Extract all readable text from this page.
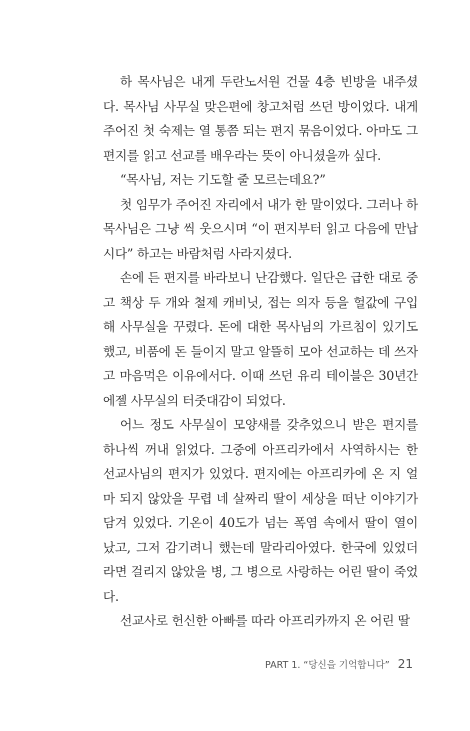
하 목사님은 내게 두란노서원 건물 4층 빈방을 내주셨다. 목사님 사무실 맞은편에 창고처럼 쓰던 방이었다. 내게 주어진 첫 숙제는 열 통쯤 되는 편지 묶음이었다. 아마도 그 편지를 읽고 선교를 배우라는 뜻이 아니셨을까 싶다.

“목사님, 저는 기도할 줄 모르는데요?”

첫 임무가 주어진 자리에서 내가 한 말이었다. 그러나 하 목사님은 그냥 씩 웃으시며 “이 편지부터 읽고 다음에 만납시다” 하고는 바람처럼 사라지셨다.

손에 든 편지를 바라보니 난감했다. 일단은 급한 대로 중고 책상 두 개와 철제 캐비닛, 접는 의자 등을 헐값에 구입해 사무실을 꾸렸다. 돈에 대한 목사님의 가르침이 있기도 했고, 비품에 돈 들이지 말고 알뜰히 모아 선교하는 데 쓰자고 마음먹은 이유에서다. 이때 쓰던 유리 테이블은 30년간 에젤 사무실의 터줏대감이 되었다.

어느 정도 사무실이 모양새를 갖추었으니 받은 편지를 하나씩 꺼내 읽었다. 그중에 아프리카에서 사역하시는 한 선교사님의 편지가 있었다. 편지에는 아프리카에 온 지 얼마 되지 않았을 무렵 네 살짜리 딸이 세상을 떠난 이야기가 담겨 있었다. 기온이 40도가 넘는 폭염 속에서 딸이 열이 났고, 그저 감기려니 했는데 말라리아였다. 한국에 있었더라면 걸리지 않았을 병, 그 병으로 사랑하는 어린 딸이 죽었다.

선교사로 헌신한 아빠를 따라 아프리카까지 온 어린 딸

PART 1. “당신을 기억합니다” 21
